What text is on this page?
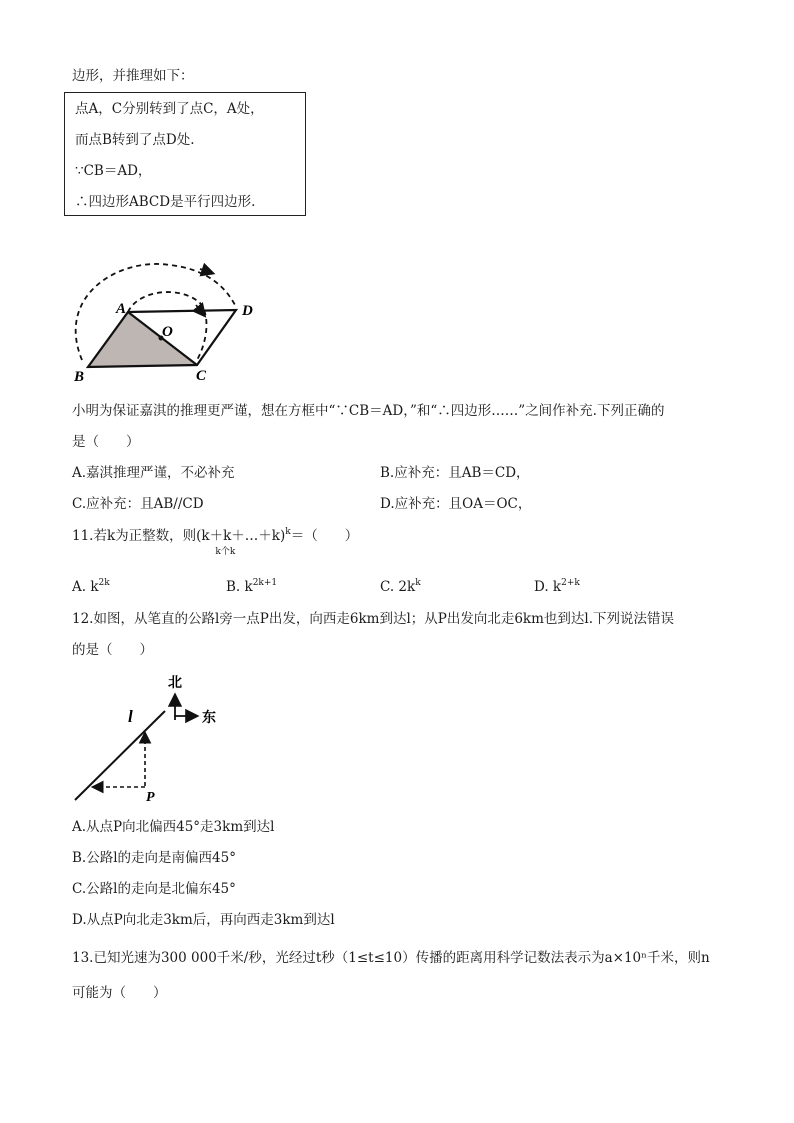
边形，并推理如下：
点A，C分别转到了点C，A处，
而点B转到了点D处.
∵CB＝AD，
∴四边形ABCD是平行四边形.
A
B	C
D
O
小明为保证嘉淇的推理更严谨，想在方框中“∵CB＝AD，”和“∴四边形……”之间作补充.下列正确的
是（　　）
A.嘉淇推理严谨，不必补充	B.应补充：且AB＝CD，
C.应补充：且AB//CD	D.应补充：且OA＝OC，
11.若k为正整数，则(k＋k＋…＋k
k个k
)$^k$＝（　　）
A. $k^{2k}$	B. $k^{2k+1}$	C. $2k^k$	D. $k^{2+k}$
12.如图，从笔直的公路l旁一点P出发，向西走6km到达l；从P出发向北走6km也到达l.下列说法错误
的是（　　）
北
东
l
P
A.从点P向北偏西45°走3km到达l
B.公路l的走向是南偏西45°
C.公路l的走向是北偏东45°
D.从点P向北走3km后，再向西走3km到达l
13.已知光速为300 000千米/秒，光经过t秒（1≤t≤10）传播的距离用科学记数法表示为a×10ⁿ千米，则n
可能为（　　）
